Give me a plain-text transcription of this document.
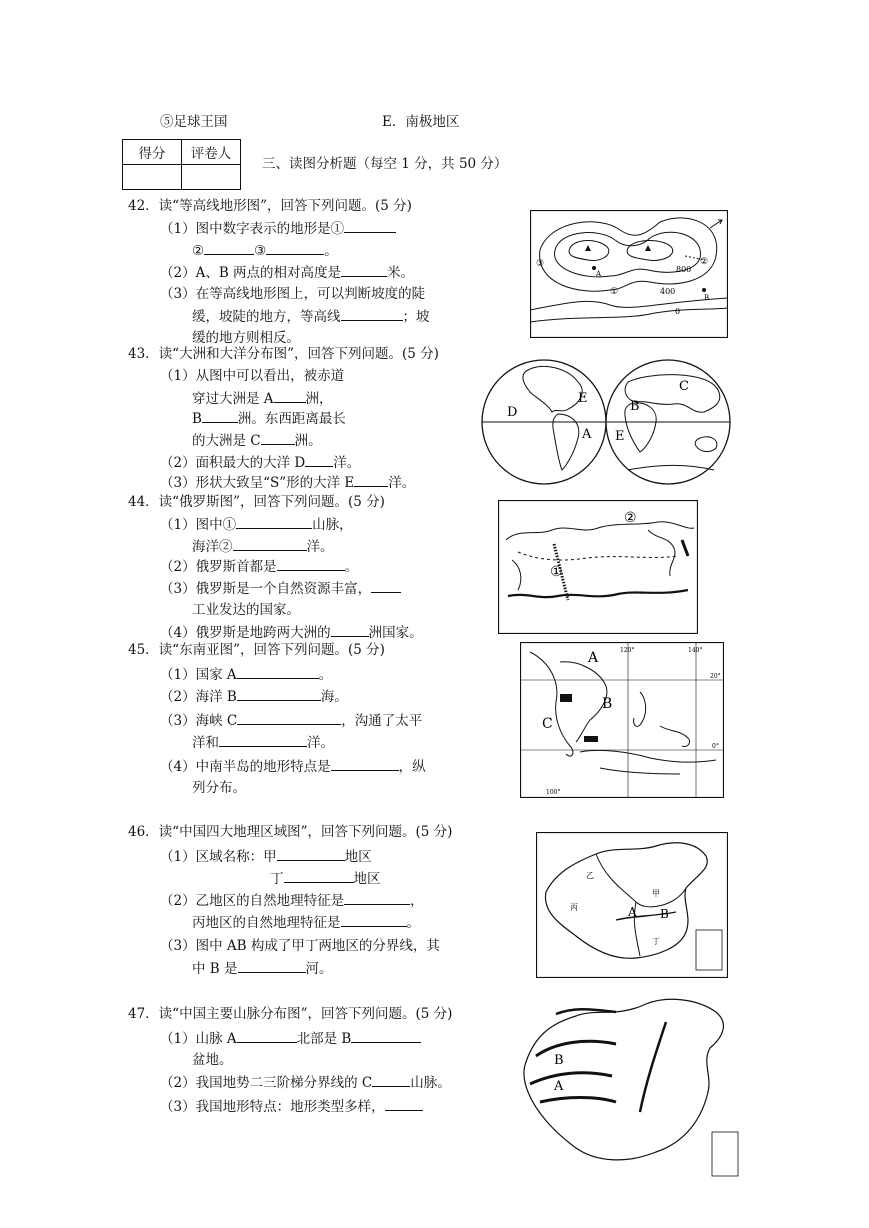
⑤足球王国	E．南极地区
得分	评卷人

三、读图分析题（每空 1 分，共 50 分）
42．读“等高线地形图”，回答下列问题。(5 分)
（1）图中数字表示的地形是①
②	③	。
（2）A、B 两点的相对高度是	米。
（3）在等高线地形图上，可以判断坡度的陡
缓，坡陡的地方，等高线	；坡
缓的地方则相反。
A
B
800
400
0
③
①
②
43．读“大洲和大洋分布图”，回答下列问题。(5 分)
（1）从图中可以看出，被赤道
穿过大洲是 A 洲，
B	洲。东西距离最长
的大洲是 C	洲。
（2）面积最大的大洋 D 洋。
（3）形状大致呈“S”形的大洋 E	洋。
E
D
A
B
C
E
44．读“俄罗斯图”，回答下列问题。(5 分)
（1）图中①	山脉，
海洋②	洋。
（2）俄罗斯首都是	。
（3）俄罗斯是一个自然资源丰富，
工业发达的国家。
（4）俄罗斯是地跨两大洲的	洲国家。
②
①
45．读“东南亚图”，回答下列问题。(5 分)
（1）国家 A	。
（2）海洋 B	海。
（3）海峡 C	，沟通了太平
洋和	洋。
（4）中南半岛的地形特点是	，纵
列分布。
A
B
C
120°	140°
100°
20°
0°
46．读“中国四大地理区域图”，回答下列问题。(5 分)
（1）区域名称：甲	地区
丁	地区
（2）乙地区的自然地理特征是	，
丙地区的自然地理特征是	。
（3）图中 AB 构成了甲丁两地区的分界线，其
中 B 是	河。
乙
甲
丙
丁
A B
47．读“中国主要山脉分布图”，回答下列问题。(5 分)
（1）山脉 A	北部是 B
盆地。
（2）我国地势二三阶梯分界线的 C	山脉。
（3）我国地形特点：地形类型多样，
B
A
